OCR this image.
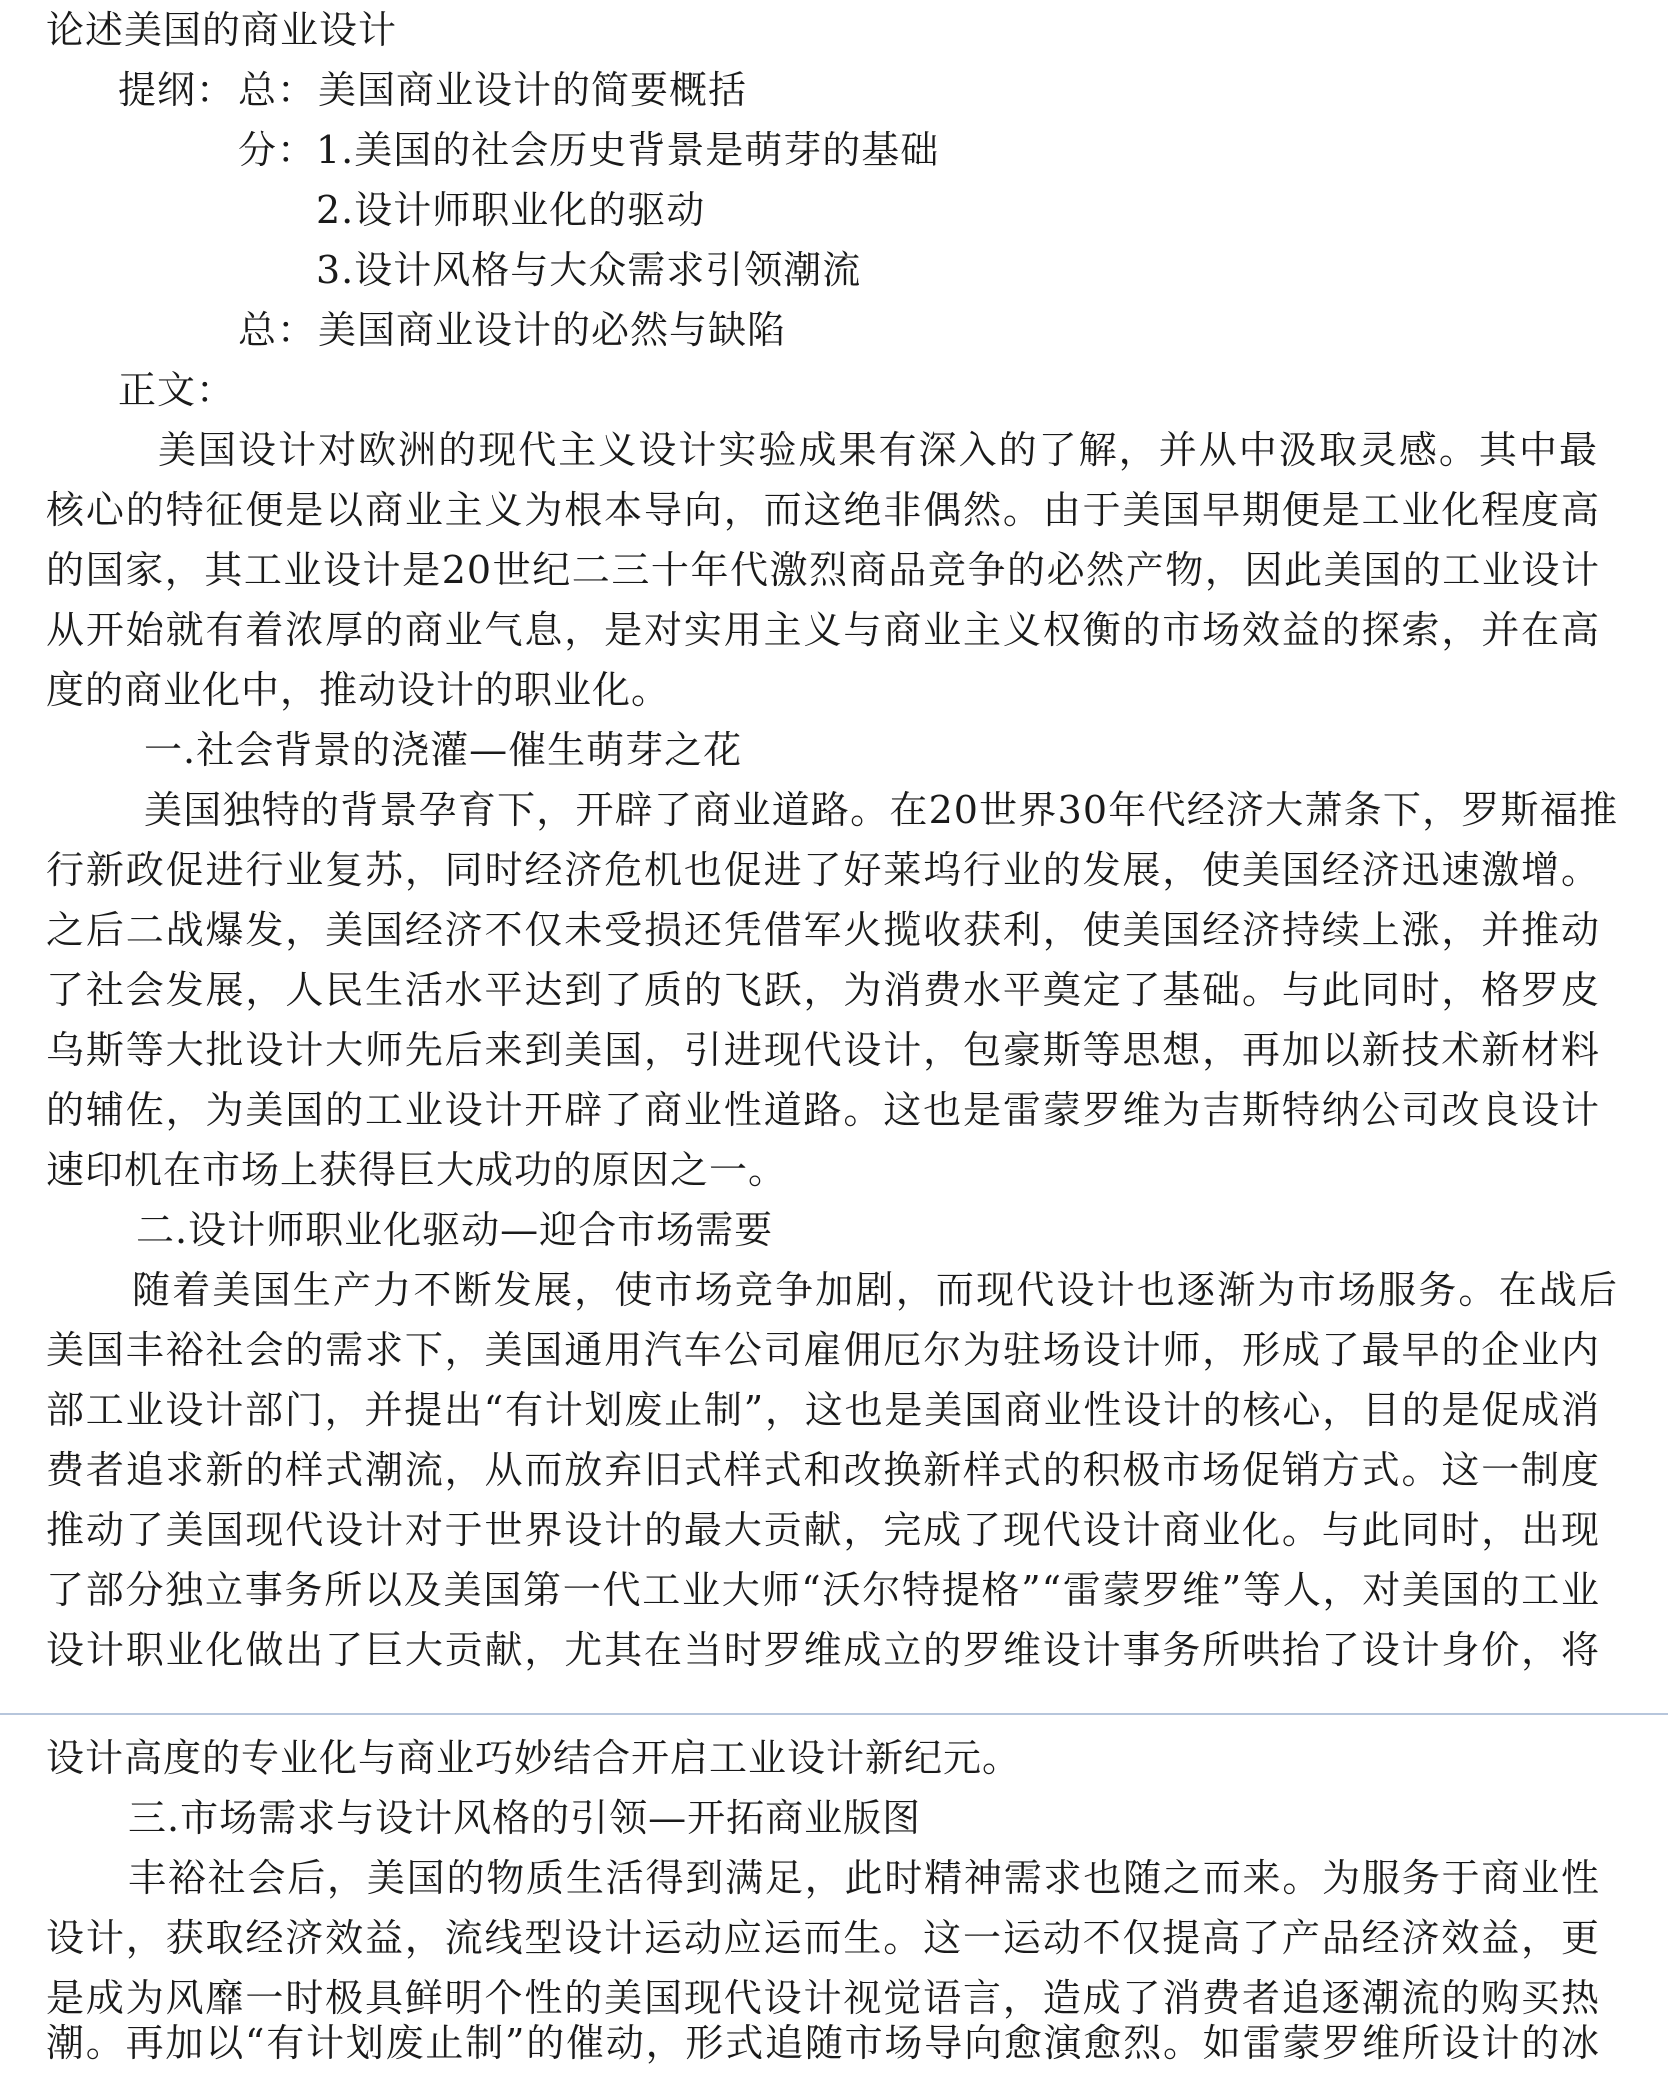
论述美国的商业设计
提纲： 总： 美国商业设计的简要概括
分： 1.美国的社会历史背景是萌芽的基础
2.设计师职业化的驱动
3.设计风格与大众需求引领潮流
总： 美国商业设计的必然与缺陷
正文：
美国设计对欧洲的现代主义设计实验成果有深入的了解，并从中汲取灵感。其中最
核心的特征便是以商业主义为根本导向，而这绝非偶然。由于美国早期便是工业化程度高
的国家，其工业设计是20世纪二三十年代激烈商品竞争的必然产物，因此美国的工业设计
从开始就有着浓厚的商业气息，是对实用主义与商业主义权衡的市场效益的探索，并在高
度的商业化中，推动设计的职业化。
一.社会背景的浇灌—催生萌芽之花
美国独特的背景孕育下，开辟了商业道路。在20世界30年代经济大萧条下，罗斯福推
行新政促进行业复苏，同时经济危机也促进了好莱坞行业的发展，使美国经济迅速激增。
之后二战爆发，美国经济不仅未受损还凭借军火揽收获利，使美国经济持续上涨，并推动
了社会发展，人民生活水平达到了质的飞跃，为消费水平奠定了基础。与此同时，格罗皮
乌斯等大批设计大师先后来到美国，引进现代设计，包豪斯等思想，再加以新技术新材料
的辅佐，为美国的工业设计开辟了商业性道路。这也是雷蒙罗维为吉斯特纳公司改良设计
速印机在市场上获得巨大成功的原因之一。
二.设计师职业化驱动—迎合市场需要
随着美国生产力不断发展，使市场竞争加剧，而现代设计也逐渐为市场服务。在战后
美国丰裕社会的需求下，美国通用汽车公司雇佣厄尔为驻场设计师，形成了最早的企业内
部工业设计部门，并提出“有计划废止制”，这也是美国商业性设计的核心，目的是促成消
费者追求新的样式潮流，从而放弃旧式样式和改换新样式的积极市场促销方式。这一制度
推动了美国现代设计对于世界设计的最大贡献，完成了现代设计商业化。与此同时，出现
了部分独立事务所以及美国第一代工业大师“沃尔特提格”“雷蒙罗维”等人，对美国的工业
设计职业化做出了巨大贡献，尤其在当时罗维成立的罗维设计事务所哄抬了设计身价，将
设计高度的专业化与商业巧妙结合开启工业设计新纪元。
三.市场需求与设计风格的引领—开拓商业版图
丰裕社会后，美国的物质生活得到满足，此时精神需求也随之而来。为服务于商业性
设计，获取经济效益，流线型设计运动应运而生。这一运动不仅提高了产品经济效益，更
是成为风靡一时极具鲜明个性的美国现代设计视觉语言，造成了消费者追逐潮流的购买热
潮。再加以“有计划废止制”的催动，形式追随市场导向愈演愈烈。如雷蒙罗维所设计的冰
